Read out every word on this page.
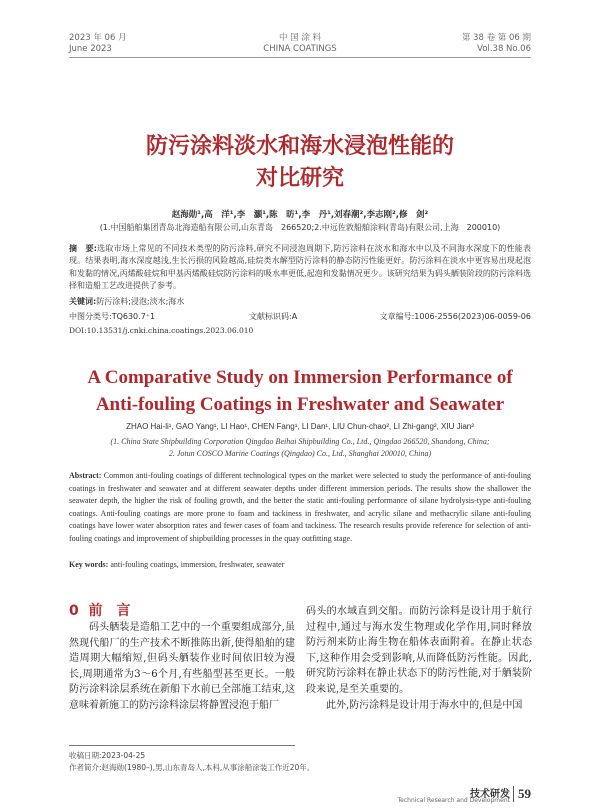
2023 年 06 月
June 2023
中 国 涂 料
CHINA COATINGS
第 38 卷 第 06 期
Vol.38 No.06
防污涂料淡水和海水浸泡性能的
对比研究
赵海勋¹,高　洋¹,李　灝¹,陈　昉¹,李　丹¹,刘春潮²,李志刚²,修　剑²
(1.中国船舶集团青岛北海造船有限公司,山东青岛　266520;2.中远佐敦船舶涂料(青岛)有限公司,上海　200010)
摘　要:选取市场上常见的不同技术类型的防污涂料,研究不同浸泡周期下,防污涂料在淡水和海水中以及不同海水深度下的性能表现。结果表明,海水深度越浅,生长污损的风险越高,硅烷类水解型防污涂料的静态防污性能更好。防污涂料在淡水中更容易出现起泡和发黏的情况,丙烯酸硅烷和甲基丙烯酸硅烷防污涂料的吸水率更低,起泡和发黏情况更少。该研究结果为码头舾装阶段的防污涂料选择和造船工艺改进提供了参考。
关键词:防污涂料;浸泡;淡水;海水
中图分类号:TQ630.7⁺1	文献标识码:A	文章编号:1006-2556(2023)06-0059-06
DOI:10.13531/j.cnki.china.coatings.2023.06.010
A Comparative Study on Immersion Performance of
Anti-fouling Coatings in Freshwater and Seawater
ZHAO Hai-li¹, GAO Yang¹, LI Hao¹, CHEN Fang¹, LI Dan¹, LIU Chun-chao², LI Zhi-gang², XIU Jian²
(1. China State Shipbuilding Corporation Qingdao Beihai Shipbuilding Co., Ltd., Qingdao 266520, Shandong, China;
2. Jotun COSCO Marine Coatings (Qingdao) Co., Ltd., Shanghai 200010, China)
Abstract: Common anti-fouling coatings of different technological types on the market were selected to study the performance of anti-fouling coatings in freshwater and seawater and at different seawater depths under different immersion periods. The results show the shallower the seawater depth, the higher the risk of fouling growth, and the better the static anti-fouling performance of silane hydrolysis-type anti-fouling coatings. Anti-fouling coatings are more prone to foam and tackiness in freshwater, and acrylic silane and methacrylic silane anti-fouling coatings have lower water absorption rates and fewer cases of foam and tackiness. The research results provide reference for selection of anti-fouling coatings and improvement of shipbuilding processes in the quay outfitting stage.
Key words: anti-fouling coatings, immersion, freshwater, seawater
0 前　言

码头舾装是造船工艺中的一个重要组成部分,虽然现代船厂的生产技术不断推陈出新,使得船舶的建造周期大幅缩短,但码头舾装作业时间依旧较为漫长,周期通常为3～6个月,有些船型甚至更长。一般防污涂料涂层系统在新船下水前已全部施工结束,这意味着新施工的防污涂料涂层将静置浸泡于船厂

码头的水域直到交船。而防污涂料是设计用于航行过程中,通过与海水发生物理或化学作用,同时释放防污剂来防止海生物在船体表面附着。在静止状态下,这种作用会受到影响,从而降低防污性能。因此,研究防污涂料在静止状态下的防污性能,对于舾装阶段来说,是至关重要的。

此外,防污涂料是设计用于海水中的,但是中国

收稿日期:2023-04-25
作者简介:赵海勋(1980–),男,山东青岛人,本科,从事涂船涂装工作近20年。
技术研发
Technical Research and Development 59
